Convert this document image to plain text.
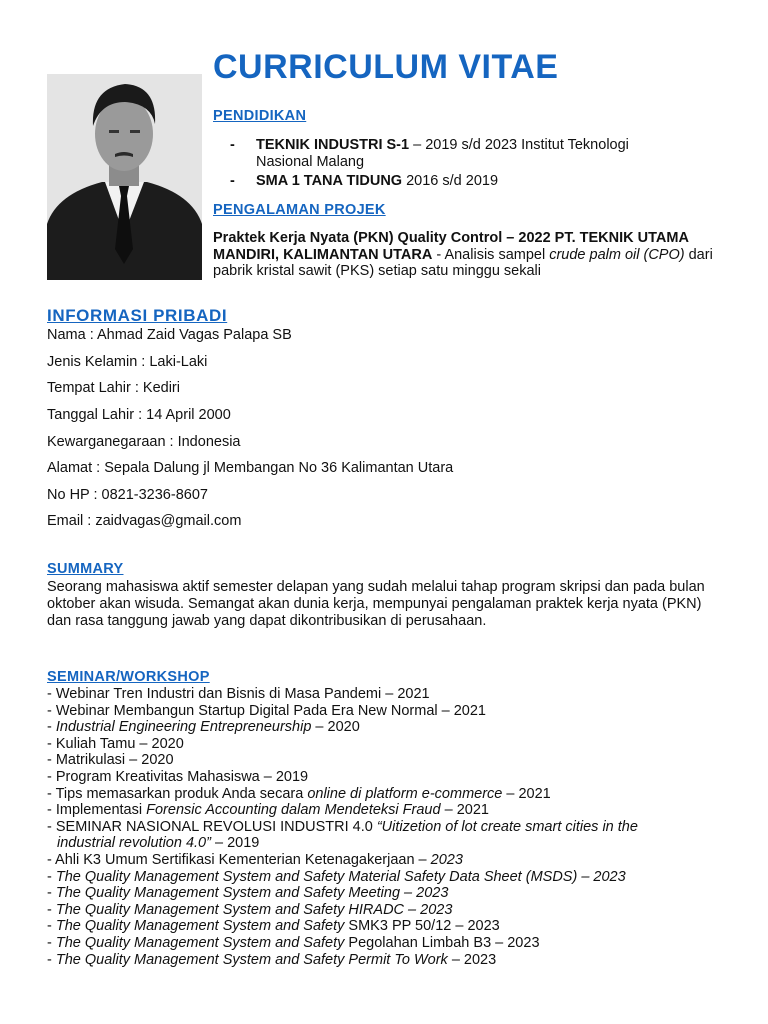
CURRICULUM VITAE
PENDIDIKAN
- TEKNIK INDUSTRI S-1 – 2019 s/d 2023 Institut Teknologi
Nasional Malang
- SMA 1 TANA TIDUNG 2016 s/d 2019
PENGALAMAN PROJEK
Praktek Kerja Nyata (PKN) Quality Control – 2022 PT. TEKNIK UTAMA MANDIRI, KALIMANTAN UTARA - Analisis sampel crude palm oil (CPO) dari pabrik kristal sawit (PKS) setiap satu minggu sekali
INFORMASI PRIBADI
Nama : Ahmad Zaid Vagas Palapa SB
Jenis Kelamin : Laki-Laki
Tempat Lahir : Kediri
Tanggal Lahir : 14 April 2000
Kewarganegaraan : Indonesia
Alamat : Sepala Dalung jl Membangan No 36 Kalimantan Utara
No HP : 0821-3236-8607
Email : zaidvagas@gmail.com
SUMMARY
Seorang mahasiswa aktif semester delapan yang sudah melalui tahap program skripsi dan pada bulan oktober akan wisuda. Semangat akan dunia kerja, mempunyai pengalaman praktek kerja nyata (PKN) dan rasa tanggung jawab yang dapat dikontribusikan di perusahaan.
SEMINAR/WORKSHOP
- Webinar Tren Industri dan Bisnis di Masa Pandemi – 2021
- Webinar Membangun Startup Digital Pada Era New Normal – 2021
- Industrial Engineering Entrepreneurship – 2020
- Kuliah Tamu – 2020
- Matrikulasi – 2020
- Program Kreativitas Mahasiswa – 2019
- Tips memasarkan produk Anda secara online di platform e-commerce – 2021
- Implementasi Forensic Accounting dalam Mendeteksi Fraud – 2021
- SEMINAR NASIONAL REVOLUSI INDUSTRI 4.0 “Uitizetion of lot create smart cities in the
industrial revolution 4.0” – 2019
- Ahli K3 Umum Sertifikasi Kementerian Ketenagakerjaan – 2023
- The Quality Management System and Safety Material Safety Data Sheet (MSDS) – 2023
- The Quality Management System and Safety Meeting – 2023
- The Quality Management System and Safety HIRADC – 2023
- The Quality Management System and Safety SMK3 PP 50/12 – 2023
- The Quality Management System and Safety Pegolahan Limbah B3 – 2023
- The Quality Management System and Safety Permit To Work – 2023
